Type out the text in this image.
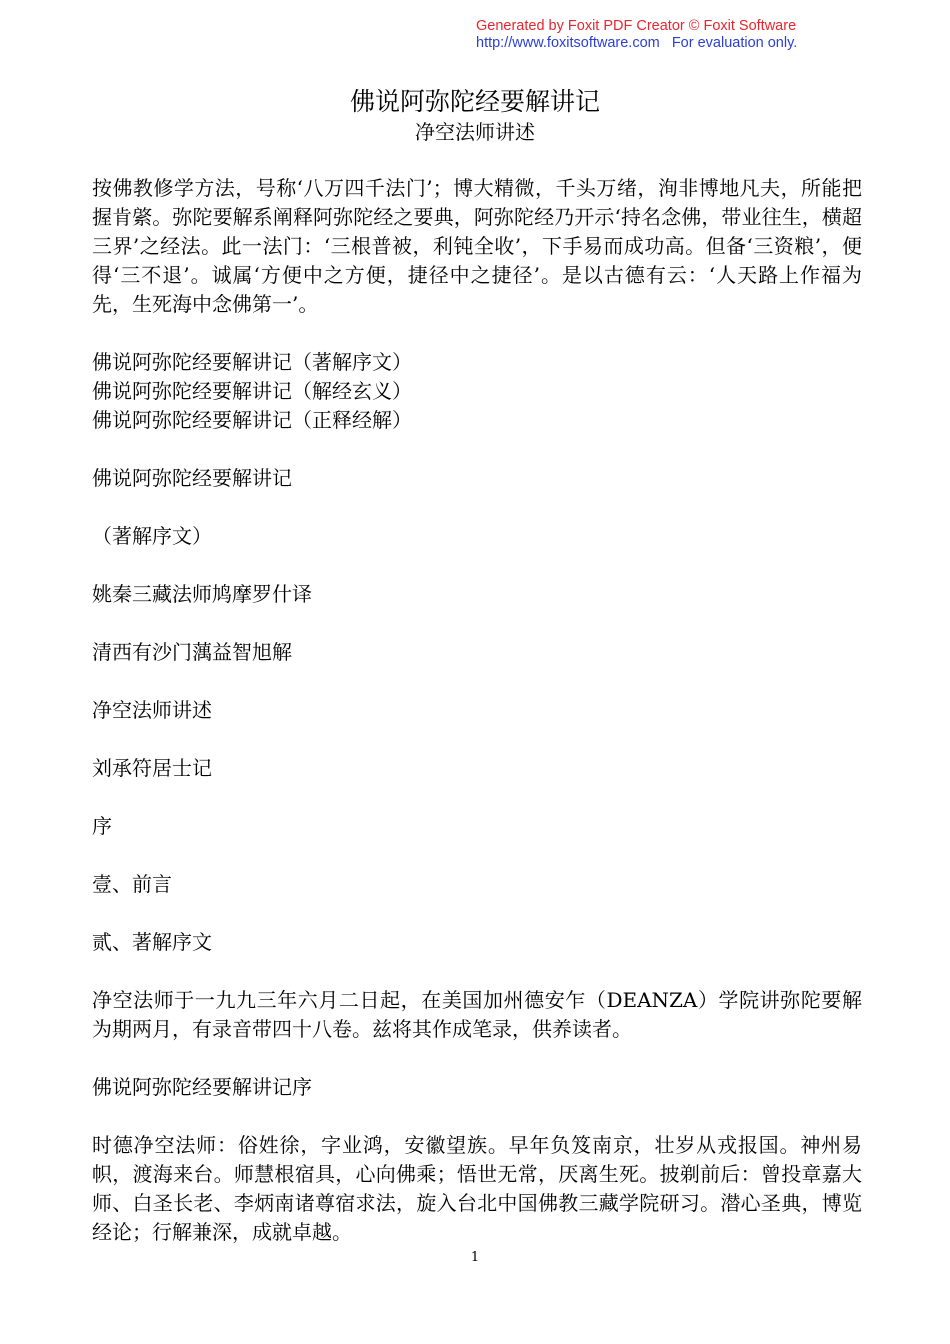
Generated by Foxit PDF Creator © Foxit Software
http://www.foxitsoftware.com   For evaluation only.
佛说阿弥陀经要解讲记
净空法师讲述

按佛教修学方法，号称‘八万四千法门’；博大精微，千头万绪，洵非博地凡夫，所能把握肯綮。弥陀要解系阐释阿弥陀经之要典，阿弥陀经乃开示‘持名念佛，带业往生，横超三界’之经法。此一法门：‘三根普被，利钝全收’，下手易而成功高。但备‘三资粮’，便得‘三不退’。诚属‘方便中之方便，捷径中之捷径’。是以古德有云：‘人天路上作福为先，生死海中念佛第一’。

佛说阿弥陀经要解讲记（著解序文）
佛说阿弥陀经要解讲记（解经玄义）
佛说阿弥陀经要解讲记（正释经解）

佛说阿弥陀经要解讲记

（著解序文）

姚秦三藏法师鸠摩罗什译

清西有沙门蕅益智旭解

净空法师讲述

刘承符居士记

序

壹、前言

贰、著解序文

净空法师于一九九三年六月二日起，在美国加州德安乍（DEANZA）学院讲弥陀要解为期两月，有录音带四十八卷。兹将其作成笔录，供养读者。

佛说阿弥陀经要解讲记序

时德净空法师：俗姓徐，字业鸿，安徽望族。早年负笈南京，壮岁从戎报国。神州易帜，渡海来台。师慧根宿具，心向佛乘；悟世无常，厌离生死。披剃前后：曾投章嘉大师、白圣长老、李炳南诸尊宿求法，旋入台北中国佛教三藏学院研习。潜心圣典，博览经论；行解兼深，成就卓越。

1
